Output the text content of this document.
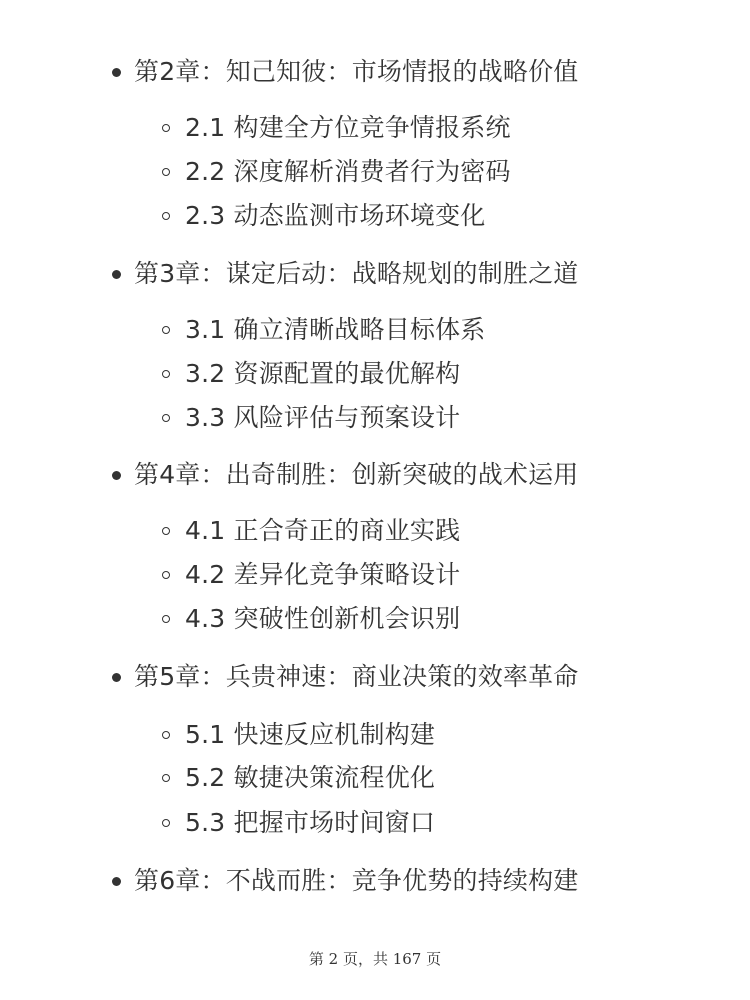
第2章：知己知彼：市场情报的战略价值
2.1 构建全方位竞争情报系统
2.2 深度解析消费者行为密码
2.3 动态监测市场环境变化
第3章：谋定后动：战略规划的制胜之道
3.1 确立清晰战略目标体系
3.2 资源配置的最优解构
3.3 风险评估与预案设计
第4章：出奇制胜：创新突破的战术运用
4.1 正合奇正的商业实践
4.2 差异化竞争策略设计
4.3 突破性创新机会识别
第5章：兵贵神速：商业决策的效率革命
5.1 快速反应机制构建
5.2 敏捷决策流程优化
5.3 把握市场时间窗口
第6章：不战而胜：竞争优势的持续构建
第 2 页，共 167 页
